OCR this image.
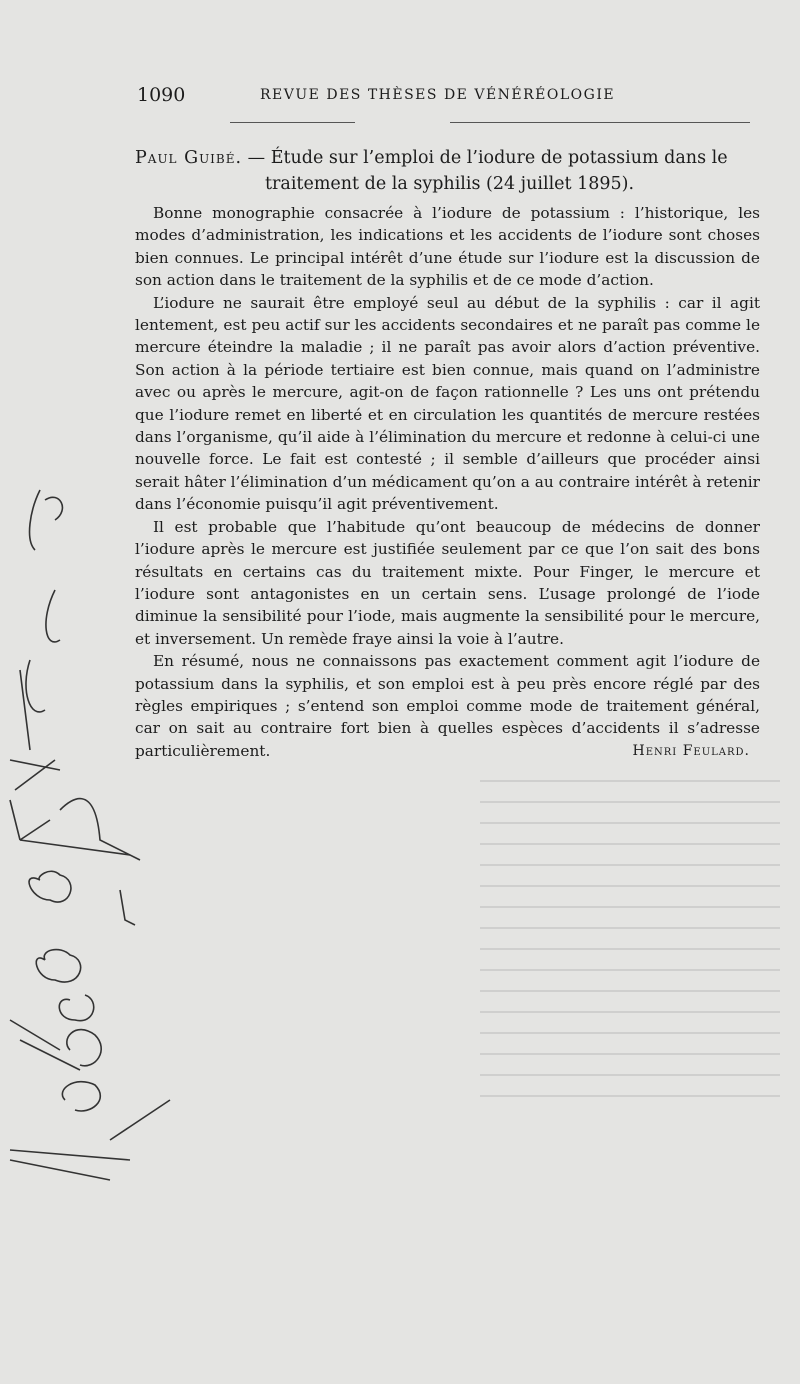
1090	REVUE DES THÈSES DE VÉNÉRÉOLOGIE
Paul Guibé. — Étude sur l’emploi de l’iodure de potassium dans le
traitement de la syphilis (24 juillet 1895).

Bonne monographie consacrée à l’iodure de potassium : l’historique, les modes d’administration, les indications et les accidents de l’iodure sont choses bien connues. Le principal intérêt d’une étude sur l’iodure est la discussion de son action dans le traitement de la syphilis et de ce mode d’action.

L’iodure ne saurait être employé seul au début de la syphilis : car il agit lentement, est peu actif sur les accidents secondaires et ne paraît pas comme le mercure éteindre la maladie ; il ne paraît pas avoir alors d’action préventive. Son action à la période tertiaire est bien connue, mais quand on l’administre avec ou après le mercure, agit-on de façon rationnelle ? Les uns ont prétendu que l’iodure remet en liberté et en circulation les quantités de mercure restées dans l’organisme, qu’il aide à l’élimination du mercure et redonne à celui-ci une nouvelle force. Le fait est contesté ; il semble d’ailleurs que procéder ainsi serait hâter l’élimination d’un médicament qu’on a au contraire intérêt à retenir dans l’économie puisqu’il agit préventivement.

Il est probable que l’habitude qu’ont beaucoup de médecins de donner l’iodure après le mercure est justifiée seulement par ce que l’on sait des bons résultats en certains cas du traitement mixte. Pour Finger, le mercure et l’iodure sont antagonistes en un certain sens. L’usage prolongé de l’iode diminue la sensibilité pour l’iode, mais augmente la sensibilité pour le mercure, et inversement. Un remède fraye ainsi la voie à l’autre.

En résumé, nous ne connaissons pas exactement comment agit l’iodure de potassium dans la syphilis, et son emploi est à peu près encore réglé par des règles empiriques ; s’entend son emploi comme mode de traitement général, car on sait au contraire fort bien à quelles espèces d’accidents il s’adresse particulièrement.	Henri Feulard.
